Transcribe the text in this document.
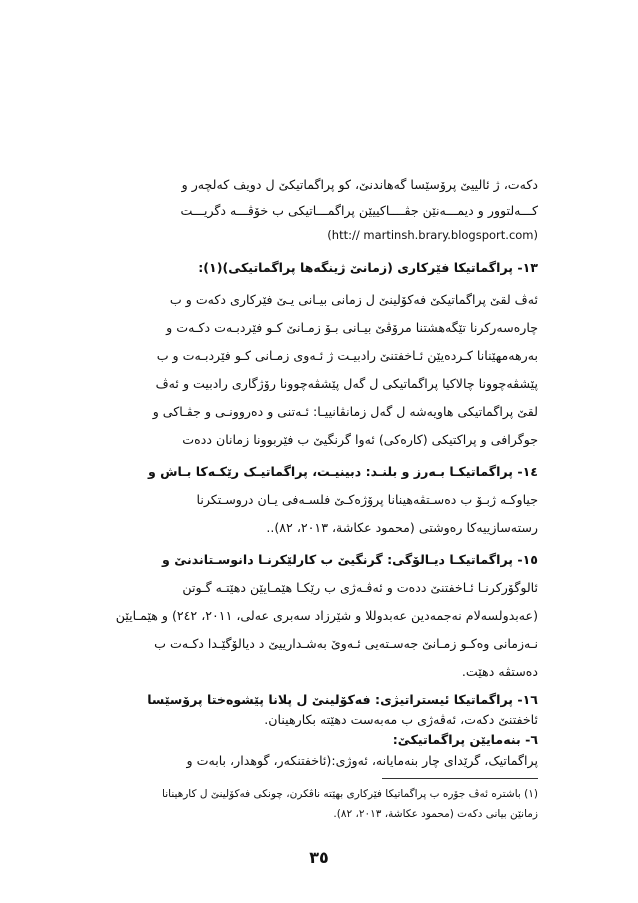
دکەت، ژ ئالییێ پرۆسێسا گەهاندنێ، کو پراگماتیکێ ل دویف کەلچەر و
کـــەلتوور و دیمـــەنێن جڤــــاکییێن پراگمـــاتیکی ب خۆڤـــە دگریـــت
(htt:// martinsh.brary.blogsport.com)
١٣- پراگماتیکا فێرکاری (زمانێ ژینگەها پراگماتیکی)(١):
ئەڤ لقێ پراگماتیکێ فەکۆلینێ ل زمانی بیـانی یـێ فێرکاری دکەت و ب
چارەسەرکرنا تێگەهشتنا مرۆڤێ بیـانی بـۆ زمـانێ کـو فێردبـەت دکـەت و
بەرهەمهێنانا کـردەیێن ئـاخفتنێ رادبیـت ژ ئـەوی زمـانی کـو فێردبـەت و ب
پێشڤەچوونا چالاکیا پراگماتیکی ل گەل پێشڤەچوونا رۆژگاری رادبیت و ئەڤ
لقێ پراگماتیکی هاویەشە ل گەل زمانڤانییـا: ئـەتنی و دەروونـی و جڤـاکی و
جوگرافی و پراکتیکی (کارەکی) ئەوا گرنگیێ ب فێربوونا زمانان ددەت
١٤- پراگماتیکـا بـەرز و بلنـد: دبینیـت، پراگماتیـک رێکـەکا بـاش و
جیاوکـە ژبـۆ ب دەسـتڤەهینانا پرۆژەکـێ فلسـەفی یـان دروسـتکرنا
رستەسازییەکا رەوشتی (محمود عکاشة، ٢٠١٣، ٨٢)..
١٥- پراگماتیکـا دیـالۆگی: گرنگیێ ب کارلێکرنـا دانوسـتاندنێ و
ئالوگۆرکرنـا ئـاخفتنێ ددەت و ئەڤـەژی ب رێکـا هێمـایێن دهێتـە گـوتن
(عەبدولسەلام نەجمەدین عەبدوللا و شێرزاد سەبری عەلی، ٢٠١١، ٢٤٢) و هێمـایێن
نـەزمانی وەکـو زمـانێ جەسـتەیی ئـەوێ بەشـدارییێ د دیالۆگێـدا دکـەت ب
دەستڤە دهێت.
١٦- پراگماتیکا ئیستراتیژی: فەکۆلینێ ل پلانا پێشوەختا پرۆسێسا
ئاخفتنێ دکەت، ئەڤەژی ب مەبەست دهێتە بکارهینان.
٦- بنەمایێن پراگماتیکێ:
پراگماتیک، گرێدای چار بنەمایانە، ئەوژی:(ئاخفتنکەر، گوهدار، بابەت و
(١) باشترە ئەڤ جۆرە ب پراگماتیکا فێرکاری بهێتە ناڤکرن، چونکی فەکۆلینێ ل کارهینانا
زمانێن بیانی دکەت (محمود عکاشة، ٢٠١٣، ٨٢).
٣٥
